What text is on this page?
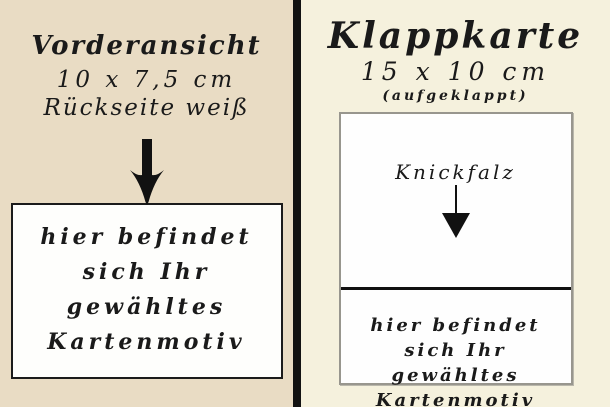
Vorderansicht
10 x 7,5 cm
Rückseite weiß
hier befindet
sich Ihr
gewähltes
Kartenmotiv
Klappkarte
15 x 10 cm
(aufgeklappt)
Knickfalz
hier befindet
sich Ihr
gewähltes
Kartenmotiv
